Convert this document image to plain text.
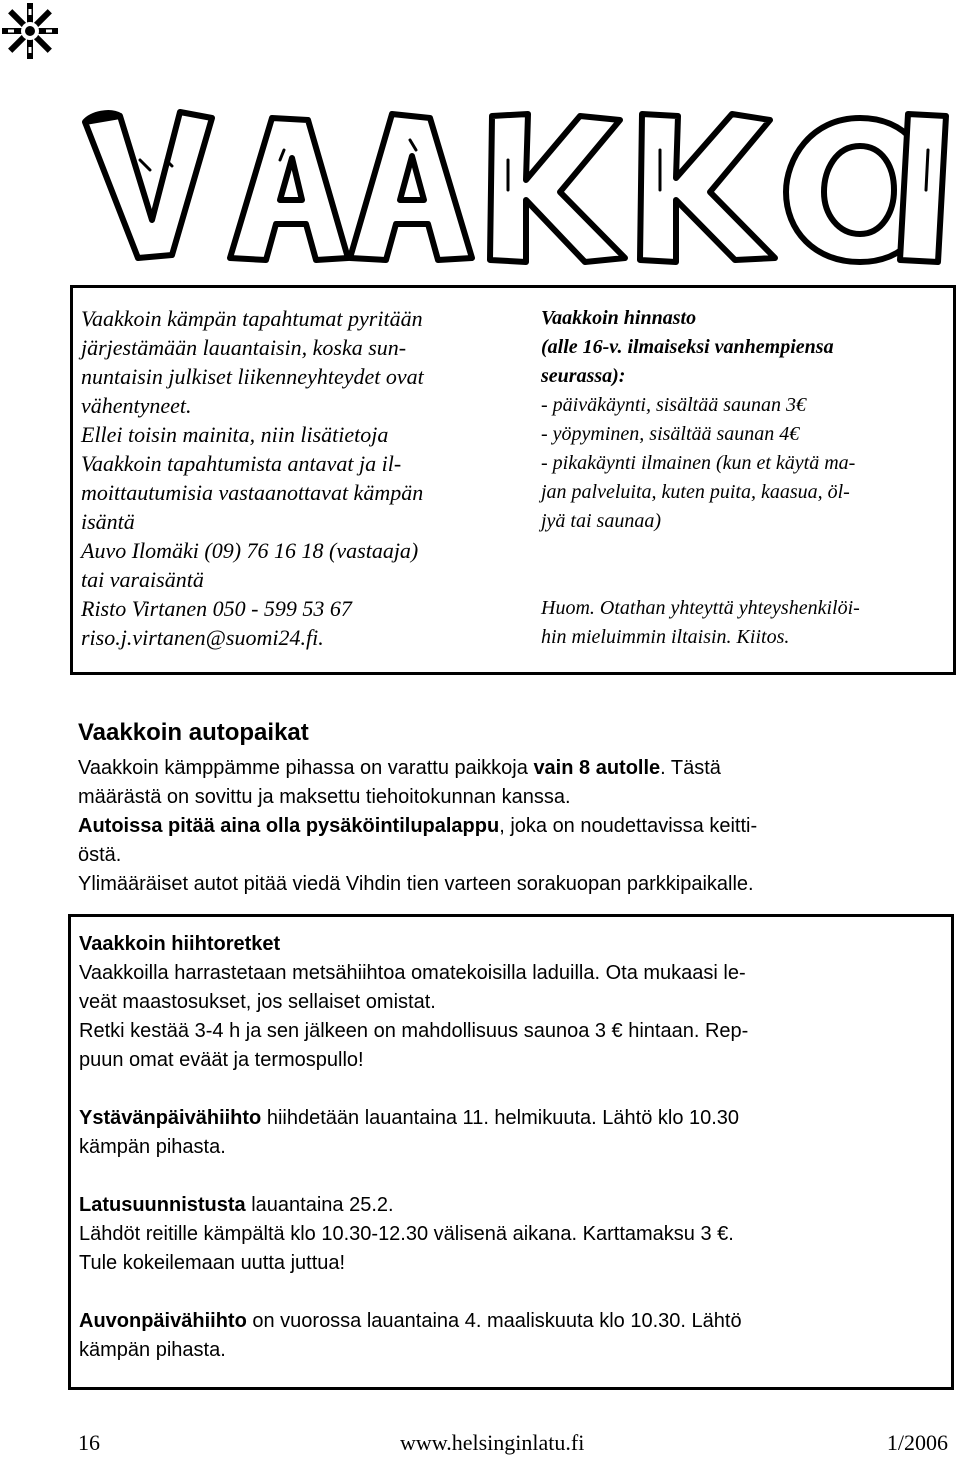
Vaakkoin kämpän tapahtumat pyritään
järjestämään lauantaisin, koska sun-
nuntaisin julkiset liikenneyhteydet ovat
vähentyneet.
Ellei toisin mainita, niin lisätietoja
Vaakkoin tapahtumista antavat ja il-
moittautumisia vastaanottavat kämpän
isäntä
Auvo Ilomäki (09) 76 16 18 (vastaaja)
tai varaisäntä
Risto Virtanen 050 - 599 53 67
riso.j.virtanen@suomi24.fi.
Vaakkoin hinnasto
(alle 16-v. ilmaiseksi vanhempiensa
seurassa):
- päiväkäynti, sisältää saunan 3€
- yöpyminen, sisältää saunan 4€
- pikakäynti ilmainen (kun et käytä ma-
jan palveluita, kuten puita, kaasua, öl-
jyä tai saunaa)
Huom. Otathan yhteyttä yhteyshenkilöi-
hin mieluimmin iltaisin. Kiitos.
Vaakkoin autopaikat
Vaakkoin kämppämme pihassa on varattu paikkoja vain 8 autolle. Tästä
määrästä on sovittu ja maksettu tiehoitokunnan kanssa.
Autoissa pitää aina olla pysäköintilupalappu, joka on noudettavissa keitti-
östä.
Ylimääräiset autot pitää viedä Vihdin tien varteen sorakuopan parkkipaikalle.
Vaakkoin hiihtoretket
Vaakkoilla harrastetaan metsähiihtoa omatekoisilla laduilla. Ota mukaasi le-
veät maastosukset, jos sellaiset omistat.
Retki kestää 3-4 h ja sen jälkeen on mahdollisuus saunoa 3 € hintaan. Rep-
puun omat eväät ja termospullo!
Ystävänpäivähiihto hiihdetään lauantaina 11. helmikuuta. Lähtö klo 10.30
kämpän pihasta.
Latusuunnistusta lauantaina 25.2.
Lähdöt reitille kämpältä klo 10.30-12.30 välisenä aikana. Karttamaksu 3 €.
Tule kokeilemaan uutta juttua!
Auvonpäivähiihto on vuorossa lauantaina 4. maaliskuuta klo 10.30. Lähtö
kämpän pihasta.
16	www.helsinginlatu.fi	1/2006
